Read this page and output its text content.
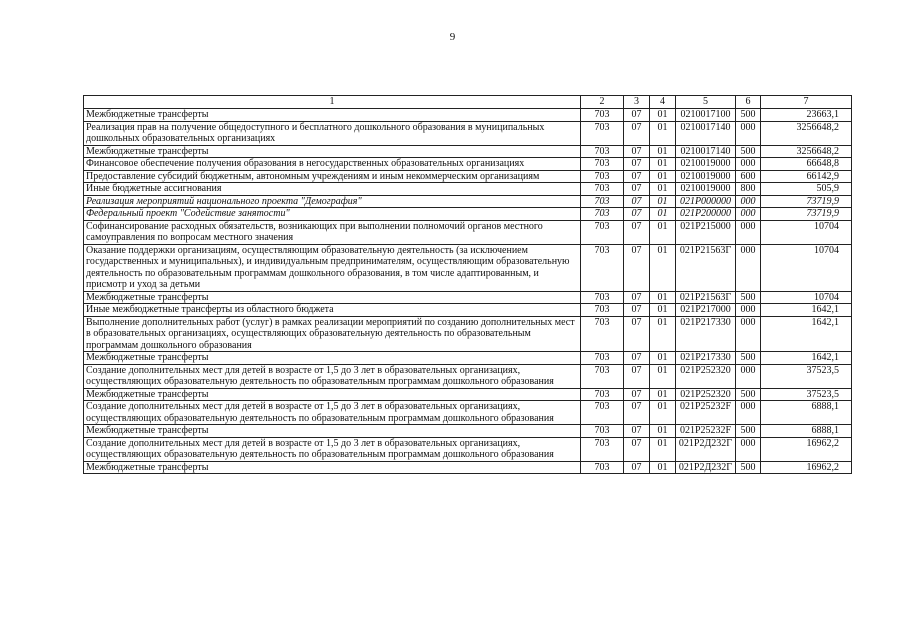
9
1	2	3	4	5	6	7
Межбюджетные трансферты	703	07	01	0210017100	500	23663,1
Реализация прав на получение общедоступного и бесплатного дошкольного образования в муниципальных дошкольных образовательных организациях	703	07	01	0210017140	000	3256648,2
Межбюджетные трансферты	703	07	01	0210017140	500	3256648,2
Финансовое обеспечение получения образования в негосударственных образовательных организациях	703	07	01	0210019000	000	66648,8
Предоставление субсидий бюджетным, автономным учреждениям и иным некоммерческим организациям	703	07	01	0210019000	600	66142,9
Иные бюджетные ассигнования	703	07	01	0210019000	800	505,9
Реализация мероприятий национального проекта "Демография"	703	07	01	021P000000	000	73719,9
Федеральный проект "Содействие занятости"	703	07	01	021P200000	000	73719,9
Софинансирование расходных обязательств, возникающих при выполнении полномочий органов местного самоуправления по вопросам местного значения	703	07	01	021P215000	000	10704
Оказание поддержки организациям, осуществляющим образовательную деятельность (за исключением государственных и муниципальных), и индивидуальным предпринимателям, осуществляющим образовательную деятельность по образовательным программам дошкольного образования, в том числе адаптированным, и присмотр и уход за детьми	703	07	01	021P21563Г	000	10704
Межбюджетные трансферты	703	07	01	021P21563Г	500	10704
Иные межбюджетные трансферты из областного бюджета	703	07	01	021P217000	000	1642,1
Выполнение дополнительных работ (услуг) в рамках реализации мероприятий по созданию дополнительных мест в образовательных организациях, осуществляющих образовательную деятельность по образовательным программам дошкольного образования	703	07	01	021P217330	000	1642,1
Межбюджетные трансферты	703	07	01	021P217330	500	1642,1
Создание дополнительных мест для детей в возрасте от 1,5 до 3 лет в образовательных организациях, осуществляющих образовательную деятельность по образовательным программам дошкольного образования	703	07	01	021P252320	000	37523,5
Межбюджетные трансферты	703	07	01	021P252320	500	37523,5
Создание дополнительных мест для детей в возрасте от 1,5 до 3 лет в образовательных организациях, осуществляющих образовательную деятельность по образовательным программам дошкольного образования	703	07	01	021P25232F	000	6888,1
Межбюджетные трансферты	703	07	01	021P25232F	500	6888,1
Создание дополнительных мест для детей в возрасте от 1,5 до 3 лет в образовательных организациях, осуществляющих образовательную деятельность по образовательным программам дошкольного образования	703	07	01	021P2Д232Г	000	16962,2
Межбюджетные трансферты	703	07	01	021P2Д232Г	500	16962,2
